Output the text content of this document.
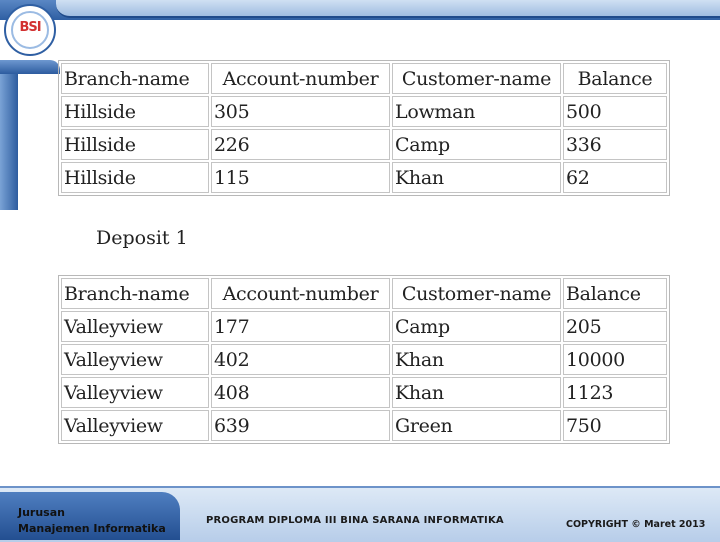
BSI
Branch-name	Account-number	Customer-name	Balance
Hillside	305	Lowman	500
Hillside	226	Camp	336
Hillside	115	Khan	62
Deposit 1
Branch-name	Account-number	Customer-name	Balance
Valleyview	177	Camp	205
Valleyview	402	Khan	10000
Valleyview	408	Khan	1123
Valleyview	639	Green	750
Jurusan
Manajemen Informatika
PROGRAM DIPLOMA III BINA SARANA INFORMATIKA	COPYRIGHT © Maret 2013
